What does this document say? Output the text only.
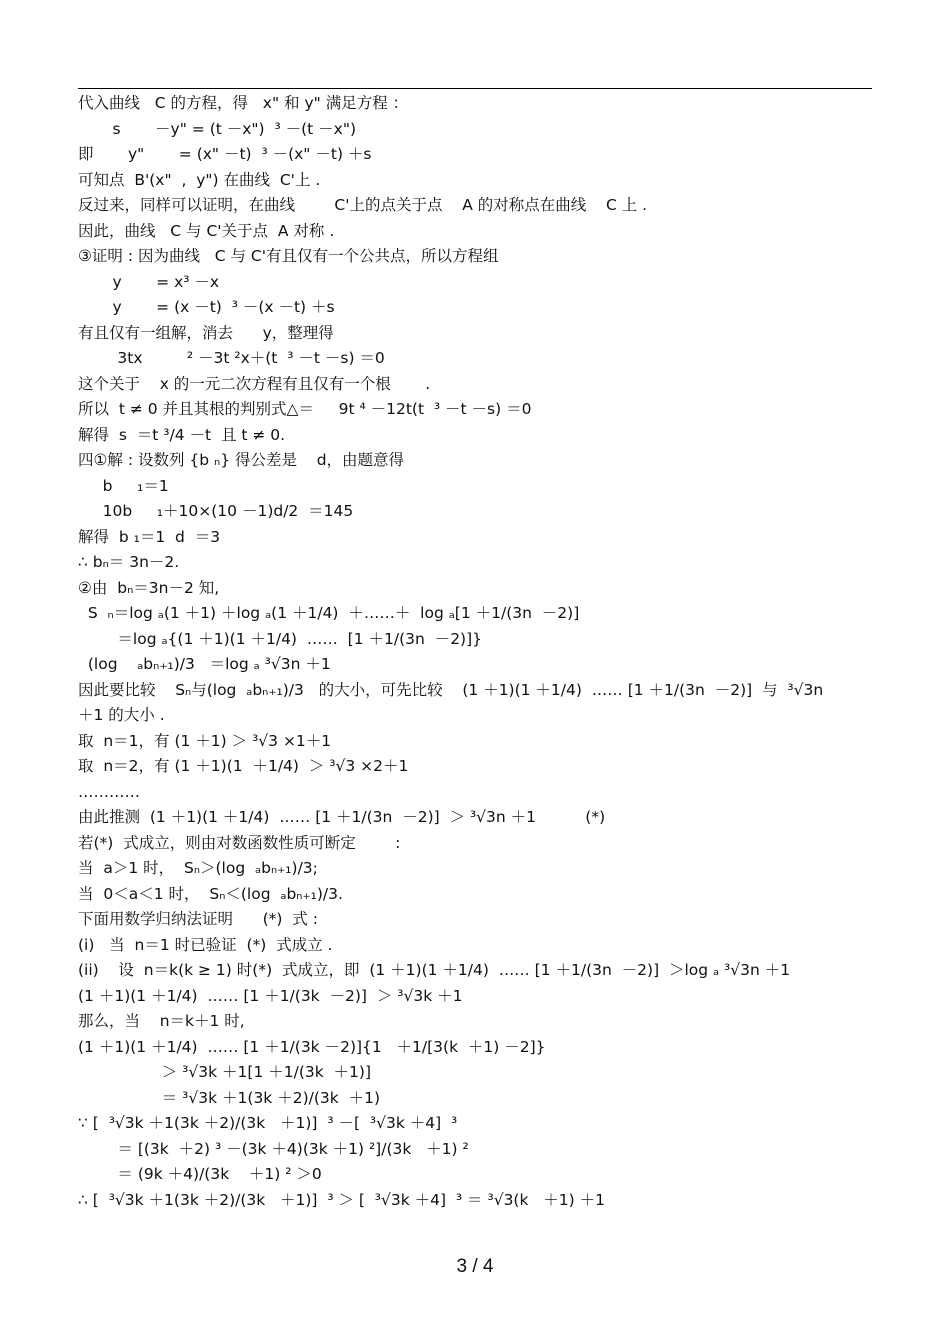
代入曲线   C 的方程，得   x" 和 y" 满足方程 ：
s       －y" = (t －x")  ³ －(t －x")
即       y"       = (x" －t)  ³ －(x" －t) ＋s
可知点  B'(x"  ,  y") 在曲线  C'上 .
反过来，同样可以证明，在曲线        C'上的点关于点    A 的对称点在曲线    C 上 .
因此，曲线   C 与 C'关于点  A 对称 .
③证明 : 因为曲线   C 与 C'有且仅有一个公共点，所以方程组
y       = x³ －x
y       = (x －t)  ³ －(x －t) ＋s
有且仅有一组解，消去      y，整理得
3tx         ² －3t ²x＋(t  ³ －t －s) ＝0
这个关于    x 的一元二次方程有且仅有一个根       .
所以  t ≠ 0 并且其根的判别式△＝     9t ⁴ －12t(t  ³ －t －s) ＝0
解得  s  ＝t ³/4 －t  且 t ≠ 0.
四①解 : 设数列 {b ₙ} 得公差是    d，由题意得
b     ₁＝1
10b     ₁＋10×(10 －1)d/2  ＝145
解得  b ₁＝1  d  ＝3
∴ bₙ＝ 3n－2.
②由  bₙ＝3n－2 知,
S  ₙ＝log ₐ(1 ＋1) ＋log ₐ(1 ＋1/4)  ＋……＋  log ₐ[1 ＋1/(3n  －2)]
＝log ₐ{(1 ＋1)(1 ＋1/4)  ……  [1 ＋1/(3n  －2)]}
(log    ₐbₙ₊₁)/3   ＝log ₐ ³√3n ＋1
因此要比较    Sₙ与(log  ₐbₙ₊₁)/3   的大小，可先比较    (1 ＋1)(1 ＋1/4)  …… [1 ＋1/(3n  －2)]  与  ³√3n
＋1 的大小 .
取  n＝1，有 (1 ＋1) ＞ ³√3 ×1＋1
取  n＝2，有 (1 ＋1)(1  ＋1/4)  ＞ ³√3 ×2＋1
…………
由此推测  (1 ＋1)(1 ＋1/4)  …… [1 ＋1/(3n  －2)]  ＞ ³√3n ＋1          (*)
若(*)  式成立，则由对数函数性质可断定        :
当  a＞1 时，  Sₙ＞(log  ₐbₙ₊₁)/3;
当  0＜a＜1 时，  Sₙ＜(log  ₐbₙ₊₁)/3.
下面用数学归纳法证明      (*)  式 :
(i)   当  n＝1 时已验证  (*)  式成立 .
(ii)    设  n＝k(k ≥ 1) 时(*)  式成立，即  (1 ＋1)(1 ＋1/4)  …… [1 ＋1/(3n  －2)]  ＞log ₐ ³√3n ＋1
(1 ＋1)(1 ＋1/4)  …… [1 ＋1/(3k  －2)]  ＞ ³√3k ＋1
那么，当    n＝k＋1 时,
(1 ＋1)(1 ＋1/4)  …… [1 ＋1/(3k －2)]{1   ＋1/[3(k  ＋1) －2]}
＞ ³√3k ＋1[1 ＋1/(3k  ＋1)]
＝ ³√3k ＋1(3k ＋2)/(3k  ＋1)
∵ [  ³√3k ＋1(3k ＋2)/(3k   ＋1)]  ³ －[  ³√3k ＋4]  ³
＝ [(3k  ＋2) ³ －(3k ＋4)(3k ＋1) ²]/(3k   ＋1) ²
＝ (9k ＋4)/(3k    ＋1) ² ＞0
∴ [  ³√3k ＋1(3k ＋2)/(3k   ＋1)]  ³ ＞ [  ³√3k ＋4]  ³ ＝ ³√3(k   ＋1) ＋1
3 / 4
